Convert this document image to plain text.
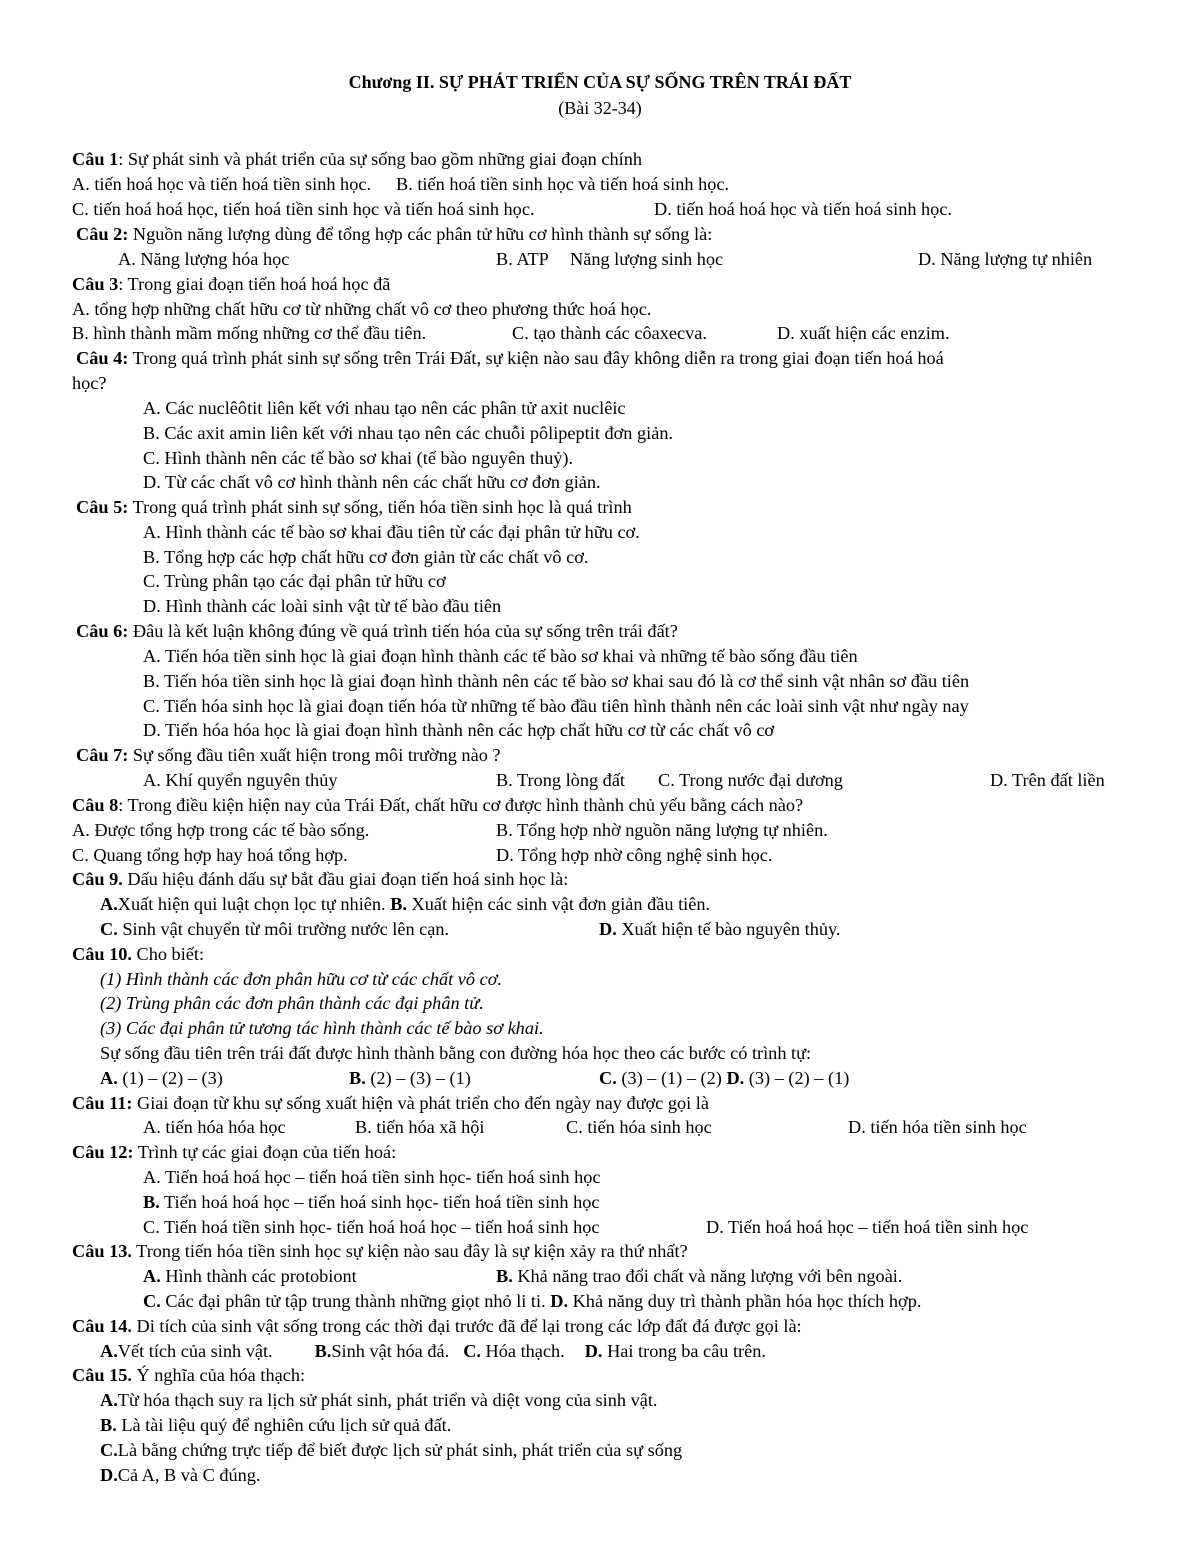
Chương II. SỰ PHÁT TRIỂN CỦA SỰ SỐNG TRÊN TRÁI ĐẤT
(Bài 32-34)
Câu 1: Sự phát sinh và phát triển của sự sống bao gồm những giai đoạn chính
A. tiến hoá học và tiến hoá tiền sinh học. B. tiến hoá tiền sinh học và tiến hoá sinh học.
C. tiến hoá hoá học, tiến hoá tiền sinh học và tiến hoá sinh học.	D. tiến hoá hoá học và tiến hoá sinh học.
Câu 2: Nguồn năng lượng dùng để tổng hợp các phân tử hữu cơ hình thành sự sống là:
A. Năng lượng hóa học	B. ATP Năng lượng sinh học	D. Năng lượng tự nhiên
Câu 3: Trong giai đoạn tiến hoá hoá học đã
A. tổng hợp những chất hữu cơ từ những chất vô cơ theo phương thức hoá học.
B. hình thành mầm mống những cơ thể đầu tiên.	C. tạo thành các côaxecva.	D. xuất hiện các enzim.
Câu 4: Trong quá trình phát sinh sự sống trên Trái Đất, sự kiện nào sau đây không diễn ra trong giai đoạn tiến hoá hoá
học?
A. Các nuclêôtit liên kết với nhau tạo nên các phân tử axit nuclêic
B. Các axit amin liên kết với nhau tạo nên các chuỗi pôlipeptit đơn giản.
C. Hình thành nên các tế bào sơ khai (tế bào nguyên thuỷ).
D. Từ các chất vô cơ hình thành nên các chất hữu cơ đơn giản.
Câu 5: Trong quá trình phát sinh sự sống, tiến hóa tiền sinh học là quá trình
A. Hình thành các tế bào sơ khai đầu tiên từ các đại phân tử hữu cơ.
B. Tổng hợp các hợp chất hữu cơ đơn giản từ các chất vô cơ.
C. Trùng phân tạo các đại phân tử hữu cơ
D. Hình thành các loài sinh vật từ tế bào đầu tiên
Câu 6: Đâu là kết luận không đúng về quá trình tiến hóa của sự sống trên trái đất?
A. Tiến hóa tiền sinh học là giai đoạn hình thành các tế bào sơ khai và những tế bào sống đầu tiên
B. Tiến hóa tiền sinh học là giai đoạn hình thành nên các tế bào sơ khai sau đó là cơ thể sinh vật nhân sơ đầu tiên
C. Tiến hóa sinh học là giai đoạn tiến hóa từ những tế bào đầu tiên hình thành nên các loài sinh vật như ngày nay
D. Tiến hóa hóa học là giai đoạn hình thành nên các hợp chất hữu cơ từ các chất vô cơ
Câu 7: Sự sống đầu tiên xuất hiện trong môi trường nào ?
A. Khí quyển nguyên thủy	B. Trong lòng đất C. Trong nước đại dương	D. Trên đất liền
Câu 8: Trong điều kiện hiện nay của Trái Đất, chất hữu cơ được hình thành chủ yếu bằng cách nào?
A. Được tổng hợp trong các tế bào sống.	B. Tổng hợp nhờ nguồn năng lượng tự nhiên.
C. Quang tổng hợp hay hoá tổng hợp.	D. Tổng hợp nhờ công nghệ sinh học.
Câu 9. Dấu hiệu đánh dấu sự bắt đầu giai đoạn tiến hoá sinh học là:
A.Xuất hiện qui luật chọn lọc tự nhiên. B. Xuất hiện các sinh vật đơn giản đầu tiên.
C. Sinh vật chuyển từ môi trường nước lên cạn.	D. Xuất hiện tế bào nguyên thủy.
Câu 10. Cho biết:
(1) Hình thành các đơn phân hữu cơ từ các chất vô cơ.
(2) Trùng phân các đơn phân thành các đại phân tử.
(3) Các đại phân tử tương tác hình thành các tế bào sơ khai.
Sự sống đầu tiên trên trái đất được hình thành bằng con đường hóa học theo các bước có trình tự:
A. (1) – (2) – (3)	B. (2) – (3) – (1)	C. (3) – (1) – (2) D. (3) – (2) – (1)
Câu 11: Giai đoạn từ khu sự sống xuất hiện và phát triển cho đến ngày nay được gọi là
A. tiến hóa hóa học	B. tiến hóa xã hội	C. tiến hóa sinh học	D. tiến hóa tiền sinh học
Câu 12: Trình tự các giai đoạn của tiến hoá:
A. Tiến hoá hoá học – tiến hoá tiền sinh học- tiến hoá sinh học
B. Tiến hoá hoá học – tiến hoá sinh học- tiến hoá tiền sinh học
C. Tiến hoá tiền sinh học- tiến hoá hoá học – tiến hoá sinh học	D. Tiến hoá hoá học – tiến hoá tiền sinh học
Câu 13. Trong tiến hóa tiền sinh học sự kiện nào sau đây là sự kiện xảy ra thứ nhất?
A. Hình thành các protobiont	B. Khả năng trao đổi chất và năng lượng với bên ngoài.
C. Các đại phân tử tập trung thành những giọt nhỏ li ti. D. Khả năng duy trì thành phần hóa học thích hợp.
Câu 14. Di tích của sinh vật sống trong các thời đại trước đã để lại trong các lớp đất đá được gọi là:
A.Vết tích của sinh vật. B.Sinh vật hóa đá. C. Hóa thạch. D. Hai trong ba câu trên.
Câu 15. Ý nghĩa của hóa thạch:
A.Từ hóa thạch suy ra lịch sử phát sinh, phát triển và diệt vong của sinh vật.
B. Là tài liệu quý để nghiên cứu lịch sử quả đất.
C.Là bằng chứng trực tiếp để biết được lịch sử phát sinh, phát triển của sự sống
D.Cả A, B và C đúng.
